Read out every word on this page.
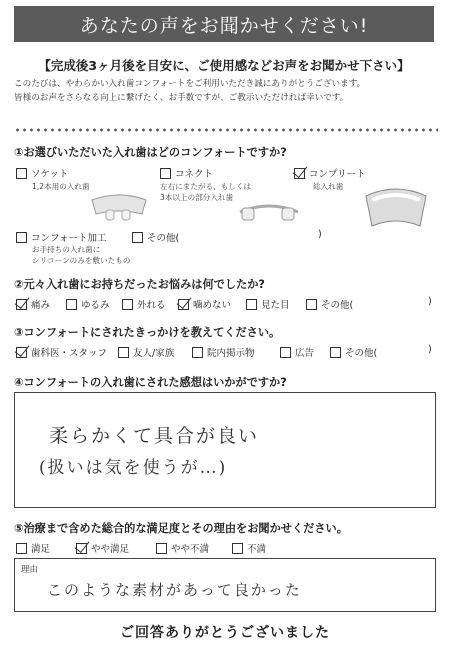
あなたの声をお聞かせください!
【完成後3ヶ月後を目安に、ご使用感などお声をお聞かせ下さい】
このたびは、やわらかい入れ歯コンフォートをご利用いただき誠にありがとうございます。
皆様のお声をさらなる向上に繋げたく、お手数ですが、ご教示いただければ幸いです。
①お選びいただいた入れ歯はどのコンフォートですか?
ソケット
1,2本用の入れ歯
コネクト
左右にまたがる、もしくは
3本以上の部分入れ歯
コンプリート
総入れ歯
コンフォート加工
お手持ちの入れ歯に
シリコーンのみを敷いたもの
その他(	)
②元々入れ歯にお持ちだったお悩みは何でしたか?
痛み	ゆるみ	外れる	噛めない	見た目	その他(	)
③コンフォートにされたきっかけを教えてください。
歯科医・スタッフ	友人/家族	院内掲示物	広告	その他(	)
④コンフォートの入れ歯にされた感想はいかがですか?
柔らかくて具合が良い
(扱いは気を使うが…)
⑤治療まで含めた総合的な満足度とその理由をお聞かせください。
満足	やや満足	やや不満	不満
理由
このような素材があって良かった
ご回答ありがとうございました
